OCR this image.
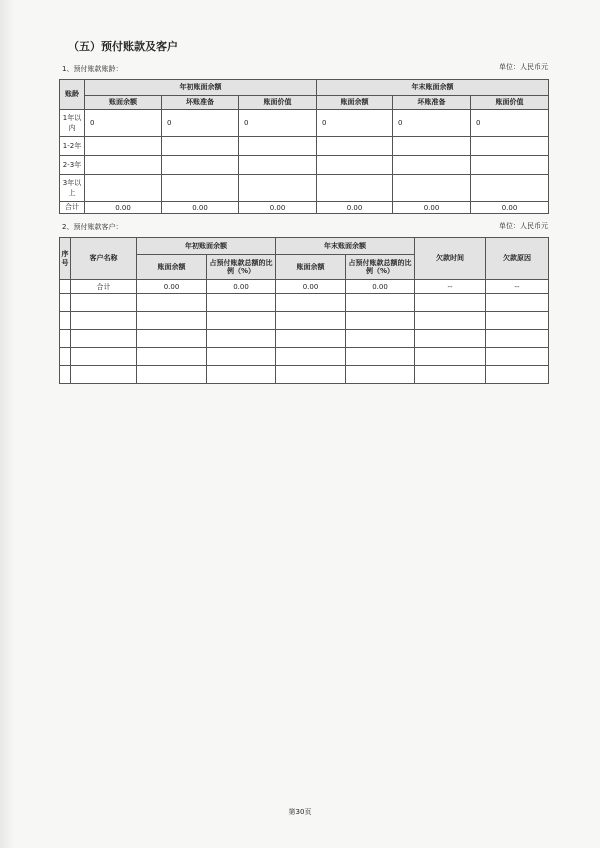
（五）预付账款及客户
1、预付账款账龄：	单位：人民币元
账龄	年初账面余额			年末账面余额		
	账面余额	坏账准备	账面价值	账面余额	坏账准备	账面价值
1年以内	0	0	0	0	0	0
1-2年						
2-3年						
3年以上						
合计	0.00	0.00	0.00	0.00	0.00	0.00
2、预付账款客户：	单位：人民币元
序号	客户名称	年初账面余额		年末账面余额		欠款时间	欠款原因
		账面余额	占预付账款总额的比例（%）	账面余额	占预付账款总额的比例（%）		
	合计	0.00	0.00	0.00	0.00	--	--

第30页
